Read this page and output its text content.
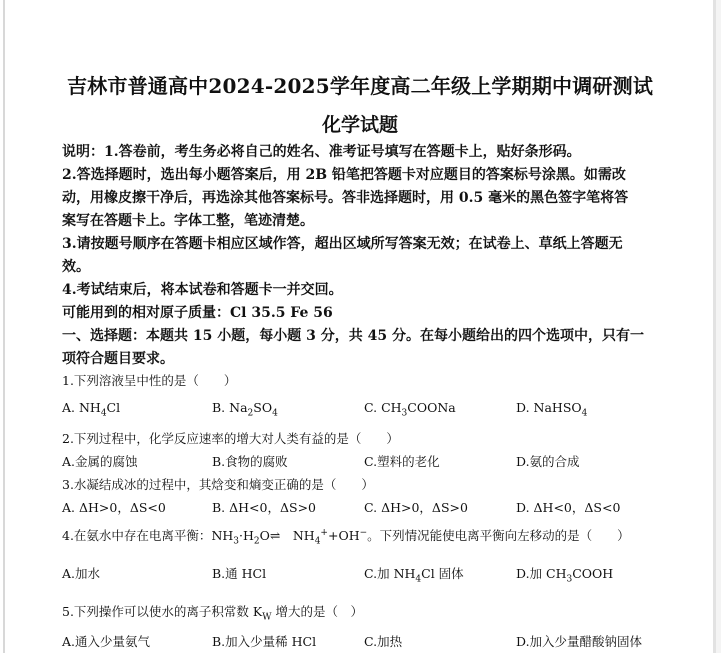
吉林市普通高中2024-2025学年度高二年级上学期期中调研测试
化学试题
说明：1.答卷前，考生务必将自己的姓名、准考证号填写在答题卡上，贴好条形码。
2.答选择题时，选出每小题答案后，用 2B 铅笔把答题卡对应题目的答案标号涂黑。如需改
动，用橡皮擦干净后，再选涂其他答案标号。答非选择题时，用 0.5 毫米的黑色签字笔将答
案写在答题卡上。字体工整，笔迹清楚。
3.请按题号顺序在答题卡相应区域作答，超出区域所写答案无效；在试卷上、草纸上答题无
效。
4.考试结束后，将本试卷和答题卡一并交回。
可能用到的相对原子质量：Cl 35.5 Fe 56
一、选择题：本题共 15 小题，每小题 3 分，共 45 分。在每小题给出的四个选项中，只有一
项符合题目要求。
1.下列溶液呈中性的是（　　）
A. $NH_4Cl$	B. $Na_2SO_4$	C. $CH_3COONa$	D. NaHSO$_4$
2.下列过程中，化学反应速率的增大对人类有益的是（　　）
A.金属的腐蚀	B.食物的腐败	C.塑料的老化	D.氨的合成
3.水凝结成冰的过程中，其焓变和熵变正确的是（　　）
A. ΔH>0，ΔS<0	B. ΔH<0，ΔS>0	C. ΔH>0，ΔS>0	D. ΔH<0，ΔS<0
4.在氨水中存在电离平衡：$NH_3\cdot H_2O\rightleftharpoons$　$NH_4^++OH^-$。下列情况能使电离平衡向左移动的是（　　）
A.加水	B.通 HCl	C.加 $NH_4Cl$ 固体	D.加 $CH_3COOH$
5.下列操作可以使水的离子积常数 $K_W$ 增大的是（　）
A.通入少量氨气	B.加入少量稀 HCl	C.加热	D.加入少量醋酸钠固体
